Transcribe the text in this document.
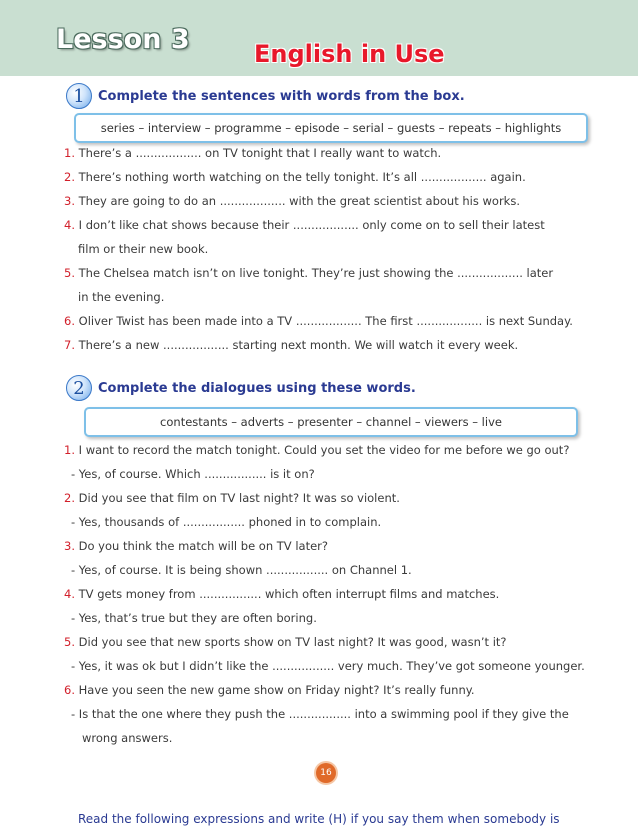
Lesson 3	English in Use
1	Complete the sentences with words from the box.
series – interview – programme – episode – serial – guests – repeats – highlights
1. There’s a .................. on TV tonight that I really want to watch.
2. There’s nothing worth watching on the telly tonight. It’s all .................. again.
3. They are going to do an .................. with the great scientist about his works.
4. I don’t like chat shows because their .................. only come on to sell their latest
film or their new book.
5. The Chelsea match isn’t on live tonight. They’re just showing the .................. later
in the evening.
6. Oliver Twist has been made into a TV .................. The first .................. is next Sunday.
7. There’s a new .................. starting next month. We will watch it every week.
2	Complete the dialogues using these words.
contestants – adverts – presenter – channel – viewers – live
1. I want to record the match tonight. Could you set the video for me before we go out?
- Yes, of course. Which ................. is it on?
2. Did you see that film on TV last night? It was so violent.
- Yes, thousands of ................. phoned in to complain.
3. Do you think the match will be on TV later?
- Yes, of course. It is being shown ................. on Channel 1.
4. TV gets money from ................. which often interrupt films and matches.
- Yes, that’s true but they are often boring.
5. Did you see that new sports show on TV last night? It was good, wasn’t it?
- Yes, it was ok but I didn’t like the ................. very much. They’ve got someone younger.
6. Have you seen the new game show on Friday night? It’s really funny.
- Is that the one where they push the ................. into a swimming pool if they give the
wrong answers.
16
Read the following expressions and write (H) if you say them when somebody is
